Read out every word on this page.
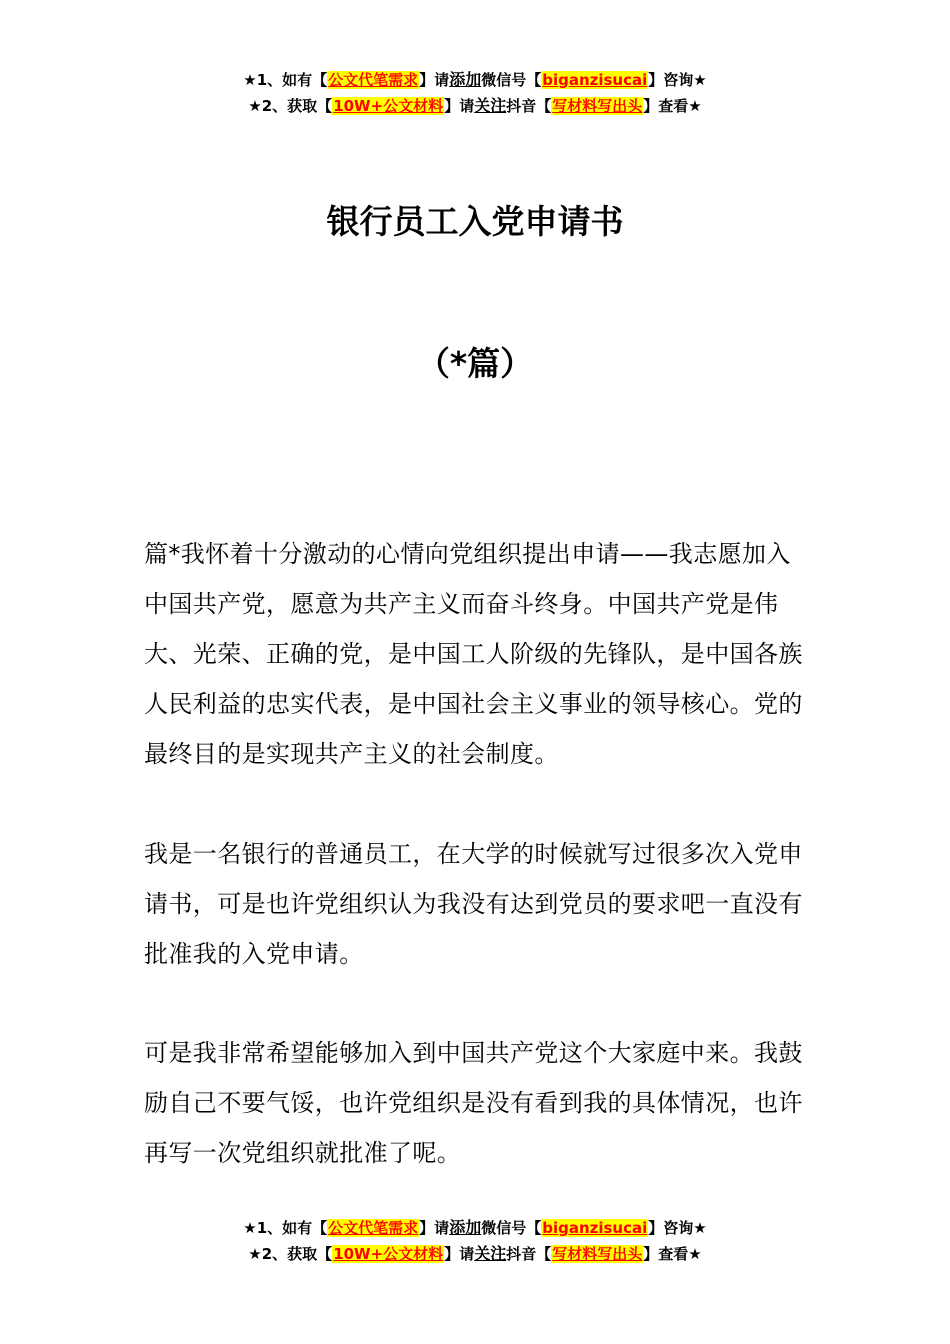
★1、如有【公文代笔需求】请添加微信号【biganzisucai】咨询★
★2、获取【10W+公文材料】请关注抖音【写材料写出头】查看★
银行员工入党申请书
（*篇）

篇*我怀着十分激动的心情向党组织提出申请——我志愿加入中国共产党，愿意为共产主义而奋斗终身。中国共产党是伟大、光荣、正确的党，是中国工人阶级的先锋队，是中国各族人民利益的忠实代表，是中国社会主义事业的领导核心。党的最终目的是实现共产主义的社会制度。

我是一名银行的普通员工，在大学的时候就写过很多次入党申请书，可是也许党组织认为我没有达到党员的要求吧一直没有批准我的入党申请。

可是我非常希望能够加入到中国共产党这个大家庭中来。我鼓励自己不要气馁，也许党组织是没有看到我的具体情况，也许再写一次党组织就批准了呢。

★1、如有【公文代笔需求】请添加微信号【biganzisucai】咨询★
★2、获取【10W+公文材料】请关注抖音【写材料写出头】查看★
